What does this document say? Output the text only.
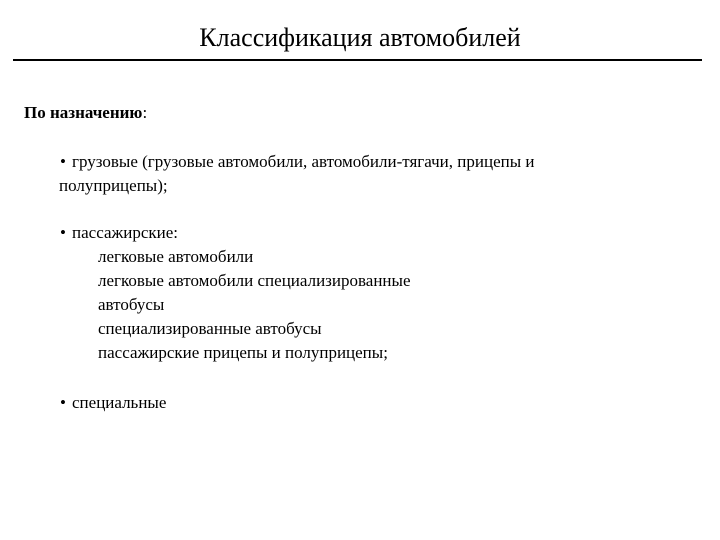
Классификация автомобилей
По назначению:
• грузовые (грузовые автомобили, автомобили-тягачи, прицепы и
полуприцепы);
• пассажирские:
легковые автомобили
легковые автомобили специализированные
автобусы
специализированные автобусы
пассажирские прицепы и полуприцепы;
• специальные
